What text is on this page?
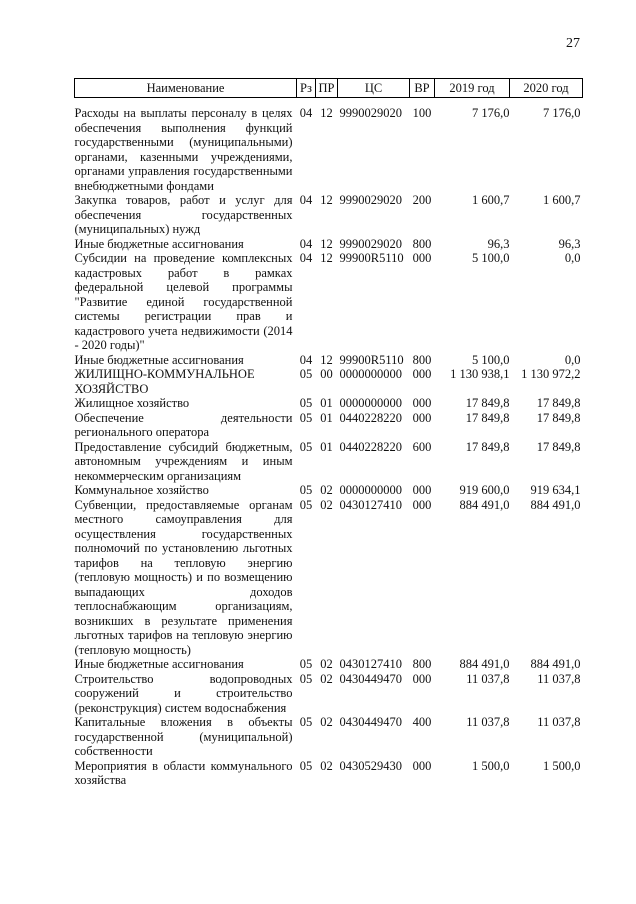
27
Наименование	Рз	ПР	ЦС	ВР	2019 год	2020 год
Расходы на выплаты персоналу в целях обеспечения выполнения функций государственными (муниципальными) органами, казенными учреждениями, органами управления государственными внебюджетными фондами	04	12	9990029020	100	7 176,0	7 176,0
Закупка товаров, работ и услуг для обеспечения государственных (муниципальных) нужд	04	12	9990029020	200	1 600,7	1 600,7
Иные бюджетные ассигнования	04	12	9990029020	800	96,3	96,3
Субсидии на проведение комплексных кадастровых работ в рамках федеральной целевой программы "Развитие единой государственной системы регистрации прав и кадастрового учета недвижимости (2014 - 2020 годы)"	04	12	99900R5110	000	5 100,0	0,0
Иные бюджетные ассигнования	04	12	99900R5110	800	5 100,0	0,0
ЖИЛИЩНО-КОММУНАЛЬНОЕ ХОЗЯЙСТВО	05	00	0000000000	000	1 130 938,1	1 130 972,2
Жилищное хозяйство	05	01	0000000000	000	17 849,8	17 849,8
Обеспечение деятельности регионального оператора	05	01	0440228220	000	17 849,8	17 849,8
Предоставление субсидий бюджетным, автономным учреждениям и иным некоммерческим организациям	05	01	0440228220	600	17 849,8	17 849,8
Коммунальное хозяйство	05	02	0000000000	000	919 600,0	919 634,1
Субвенции, предоставляемые органам местного самоуправления для осуществления государственных полномочий по установлению льготных тарифов на тепловую энергию (тепловую мощность) и по возмещению выпадающих доходов теплоснабжающим организациям, возникших в результате применения льготных тарифов на тепловую энергию (тепловую мощность)	05	02	0430127410	000	884 491,0	884 491,0
Иные бюджетные ассигнования	05	02	0430127410	800	884 491,0	884 491,0
Строительство водопроводных сооружений и строительство (реконструкция) систем водоснабжения	05	02	0430449470	000	11 037,8	11 037,8
Капитальные вложения в объекты государственной (муниципальной) собственности	05	02	0430449470	400	11 037,8	11 037,8
Мероприятия в области коммунального хозяйства	05	02	0430529430	000	1 500,0	1 500,0
